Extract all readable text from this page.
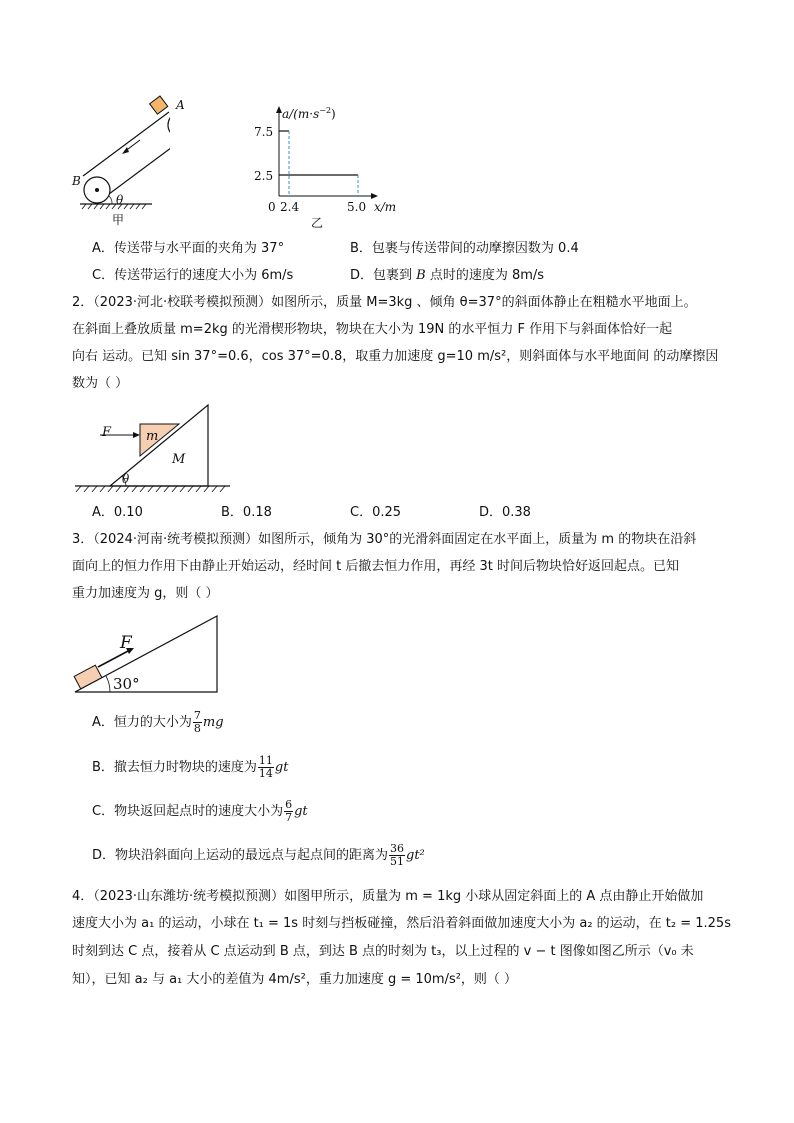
A
B
θ
甲
$a/(m\cdot s^{-2})$
7.5
2.5
0 2.4	5.0 x/m
乙
A．传送带与水平面的夹角为 37°	B．包裹与传送带间的动摩擦因数为 0.4
C．传送带运行的速度大小为 6m/s	D．包裹到 B 点时的速度为 8m/s
2．（2023·河北·校联考模拟预测）如图所示，质量 M=3kg 、倾角 θ=37°的斜面体静止在粗糙水平地面上。
在斜面上叠放质量 m=2kg 的光滑楔形物块，物块在大小为 19N 的水平恒力 F 作用下与斜面体恰好一起
向右 运动。已知 sin 37°=0.6，cos 37°=0.8，取重力加速度 g=10 m/s²，则斜面体与水平地面间 的动摩擦因
数为（ ）
F	m
M
θ
A．0.10	B．0.18	C．0.25	D．0.38
3．（2024·河南·统考模拟预测）如图所示，倾角为 30°的光滑斜面固定在水平面上，质量为 m 的物块在沿斜
面向上的恒力作用下由静止开始运动，经时间 t 后撤去恒力作用，再经 3t 时间后物块恰好返回起点。已知
重力加速度为 g，则（ ）
F
30°
A．恒力的大小为 $\frac{7}{8}$ mg
B．撤去恒力时物块的速度为 $\frac{11}{14}$ gt
C．物块返回起点时的速度大小为 $\frac{6}{7}$ gt
D．物块沿斜面向上运动的最远点与起点间的距离为 $\frac{36}{51} gt^2$
4．（2023·山东潍坊·统考模拟预测）如图甲所示，质量为 m = 1kg 小球从固定斜面上的 A 点由静止开始做加
速度大小为 a₁ 的运动，小球在 t₁ = 1s 时刻与挡板碰撞，然后沿着斜面做加速度大小为 a₂ 的运动，在 t₂ = 1.25s
时刻到达 C 点，接着从 C 点运动到 B 点，到达 B 点的时刻为 t₃，以上过程的 v − t 图像如图乙所示（v₀ 未
知），已知 a₂ 与 a₁ 大小的差值为 4m/s²，重力加速度 g = 10m/s²，则（ ）
